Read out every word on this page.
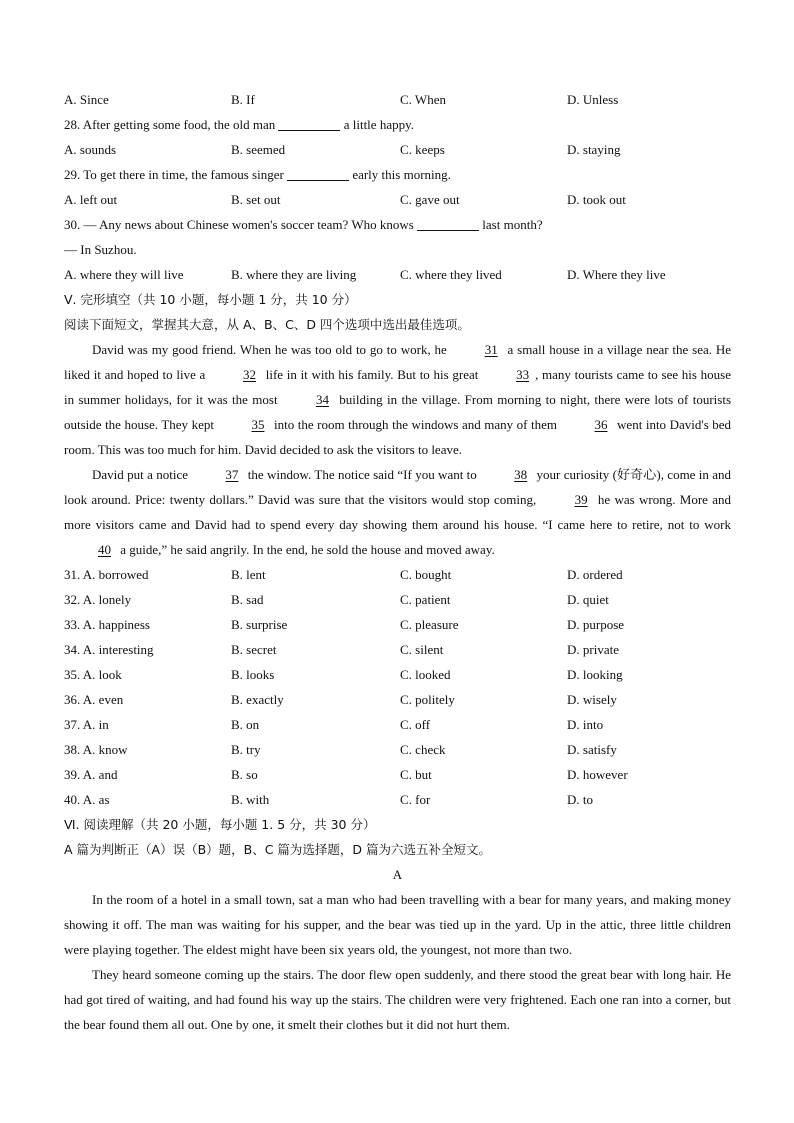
A. Since	B. If	C. When	D. Unless
28. After getting some food, the old man	a little happy.
A. sounds	B. seemed	C. keeps	D. staying
29. To get there in time, the famous singer	early this morning.
A. left out	B. set out	C. gave out	D. took out
30. — Any news about Chinese women's soccer team? Who knows	last month?
— In Suzhou.
A. where they will live	B. where they are living	C. where they lived	D. Where they live
Ⅴ. 完形填空（共 10 小题，每小题 1 分，共 10 分）
阅读下面短文，掌握其大意，从 A、B、C、D 四个选项中选出最佳选项。
David was my good friend. When he was too old to go to work, he	31 a small house in a village near the sea. He liked it and hoped to live a	32 life in it with his family. But to his great	33 , many tourists came to see his house in summer holidays, for it was the most	34 building in the village. From morning to night, there were lots of tourists outside the house. They kept	35 into the room through the windows and many of them	36 went into David's bed room. This was too much for him. David decided to ask the visitors to leave.
David put a notice	37 the window. The notice said “If you want to	38 your curiosity (好奇心), come in and look around. Price: twenty dollars.” David was sure that the visitors would stop coming,	39 he was wrong. More and more visitors came and David had to spend every day showing them around his house. “I came here to retire, not to work 40 a guide,” he said angrily. In the end, he sold the house and moved away.
31. A. borrowed	B. lent	C. bought	D. ordered
32. A. lonely	B. sad	C. patient	D. quiet
33. A. happiness	B. surprise	C. pleasure	D. purpose
34. A. interesting	B. secret	C. silent	D. private
35. A. look	B. looks	C. looked	D. looking
36. A. even	B. exactly	C. politely	D. wisely
37. A. in	B. on	C. off	D. into
38. A. know	B. try	C. check	D. satisfy
39. A. and	B. so	C. but	D. however
40. A. as	B. with	C. for	D. to
Ⅵ. 阅读理解（共 20 小题，每小题 1. 5 分，共 30 分）
A 篇为判断正（A）误（B）题，B、C 篇为选择题，D 篇为六选五补全短文。
A
In the room of a hotel in a small town, sat a man who had been travelling with a bear for many years, and making money showing it off. The man was waiting for his supper, and the bear was tied up in the yard. Up in the attic, three little children were playing together. The eldest might have been six years old, the youngest, not more than two.
They heard someone coming up the stairs. The door flew open suddenly, and there stood the great bear with long hair. He had got tired of waiting, and had found his way up the stairs. The children were very frightened. Each one ran into a corner, but the bear found them all out. One by one, it smelt their clothes but it did not hurt them.
